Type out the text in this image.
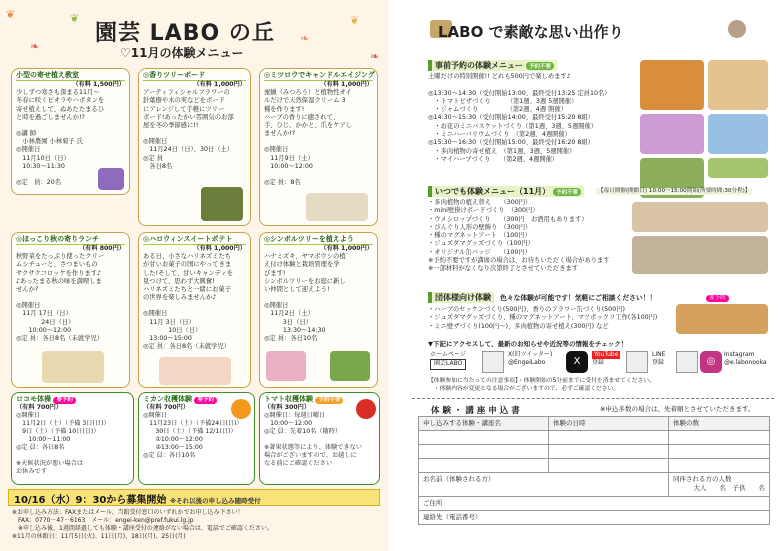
❦
❧
❦
❧
❦
❧
園芸 LABO の丘
♡11月の体験メニュー
小型の寄せ植え教室
（有料 1,500円）
少しずつ寒さも深まる11月～
冬春に咲くビオラやハボタンを
寄せ植えして、ぬあたたまるひ
と時を過ごしませんか!?

◎講 師
　小林農園 小林菊子 氏
◎開催日
　11月10日（日）
　10:30～11:30

◎定　員：20名
◎香りツリーボード
（有料 1,000円）
アーティフィシャルフラワーの
針葉樹や木の実などをボード
にアレンジして手軽にツリー
ボード!あったかい雰囲気のお部
屋を冬の季節感に!!

◎開催日
　11月24日（日）、30日（土）
◎定 員
　各日8名
◎ミツロウでキャンドルエイジング
（有料 1,000円）
蜜蝋（みつろう）と植物性オイ
ルだけで天然保湿クリーム 3
種を作ります!
ハーブの香りに癒されて、
手、ひじ、かかと、爪をケアし
ませんか!?

◎開催日
　11月9日（土）
　10:00～12:00

◎定 員：8名
◎ほっこり秋の寄りランチ
（有料 800円）
秋野菜をたっぷり使ったクリー
ムシチューと、さつまいもの
サクサクコロッケを作ります♪
♪あったまる秋の味を満喫しま
せんか?

◎開催日
　11月 17日（日）
　　　　24日（日）
　　10:00～12:00
◎定 員：各日8名（未就学児）
◎ハロウィンスイートポテト
（有料 1,000円）
ある日、小さなハリネズミたち
が甘いお菓子の国にやってきま
した!そして、甘いキャンディを
見つけて、思わず大興奮!
ハリネズミたちと一緒にお菓子
の世界を楽しみませんか♪

◎開催日
　11月 3日（日）
　　　　10日（日）
　13:00～15:00
◎定 員：各日8名（未就学児）
◎シンボルツリーを植えよう
（有料 1,000円）
ハナミズキ、ヤマボウシの植
え付け体験と栽培管理を学
びます!
シンボルツリーをお庭に新し
い仲間として迎えよう!

◎開催日
　11月2日（土）
　　　3日（日）
　　　13:30～14:30
◎定 員：各日10名
ロコモ体操 要予約
（有料 700円）
◎開催日
　11月2日（土）（予備 3日(日)）
　9日（土）（予備 10日(日)）
　　10:00～11:00
◎定 員：各日8名

※天候状況が悪い場合は
お休みです
ミカン収穫体験 要予約
（有料 700円）
◎開催日
　11月23日（土）（予備24日(日)）
　　30日（土）（予備 12/1(日)）
　　①10:00～12:00
　　②13:00～15:00
◎定 員：各日10名
トマト収穫体験 予約不要
（有料 300円）
◎開催日：毎週日曜日
　10:00～12:00
◎定 員：先着10名（随時）

※著果状態等により、体験できない
場合がございますので、お越しに
なる前にご確認ください
10/16（水）9：30から募集開始 ※それ以後の申し込み随時受付
※お申し込み方法：FAXまたはメール、当館受付窓口のいずれかでお申し込み下さい！
　FAX：0770－47－6163　メール：engei-ken@pref.fukui.lg.jp
　※申し込み後、1週間経過しても体験・講座受付の連絡がない場合は、電話でご確認ください。
※11月の休館日：11月5日(火)、11日(月)、18日(月)、25日(月)
LABO で素敵な思い出作り
事前予約の体験メニュー 予約不要
土曜だけの特別開催!! どれも500円で楽しめます♪

◎13:30～14:30（受付開始13:00、最終受付13:25 定員10名）
　・トマトピザづくり　　　（第1週、3週 5週開催）
　・ジャムづくり　　　　　（第2週、4週 開催）
◎14:30～15:30（受付開始14:00、最終受付15:20 8組）
　・お花のミニバスケットづくり（第1週、3週、5週開催）
　・ミニハーバリウムづくり　（第2週、4週開催）
◎15:30～16:30（受付開始15:00、最終受付16:20 8組）
　・多肉植物の寄せ植え　（第1週、3週、5週開催）
　・マイハーブづくり　　（第2週、4週開催）
いつでも体験メニュー（11月） 予約不要	【毎日開催(開館日) 10:00～15:00開始(所要時間:30分程)】
・多肉植物の植え替え　　（300円）
・mini壁掛けボードづくり　（300円）
・ウメシロップづくり　　（300円　お酒用もあります）
・ぴんぐり人形の壁飾り　（300円）
・種のマグネットアート　（100円）
・ジュズダマグッズづくり（100円）
・オリジナル缶バッジ　　（100円）
※予約不要ですが満席の場合は、お待ちいただく場合があります
※一部材料がなくなり次第終了とさせていただきます
団体様向け体験	色々な体験が可能です！気軽にご相談ください！！	要予約
・ハーブのセッケンづくり(500円)、香りのフラワー缶づくり(500円)
・ジュズダマグッズづくり、種のマグネットアート、マツボックリ工作(各100円)
・ミニ壁ザづくり(100円～)、多肉植物の寄せ植え(300円) など
▼下記にアクセスして、最新のお知らせや近況等の情報をチェック！
ホームページ
園芸LABO
X(旧ツイッター)
@EngeiLabo	X
YouTube
登録
LINE
登録	◎
Instagram
@e.labonooka
【体験参加に当たっての注意事項】・体験開始の5分前までに受付を済ませてください。
　・体験内容が変更となる場合がございますので、必ずご確認ください。
体 験 ・ 講 座 申 込 書	※申込多数の場合は、先着順とさせていただきます。
申し込みする体験・講座名	体験の日時	体験の数

お名前（体験される方）		同伴される方の人数
大人　　名　子供　　名

ご住所		
連絡先（電話番号）		
